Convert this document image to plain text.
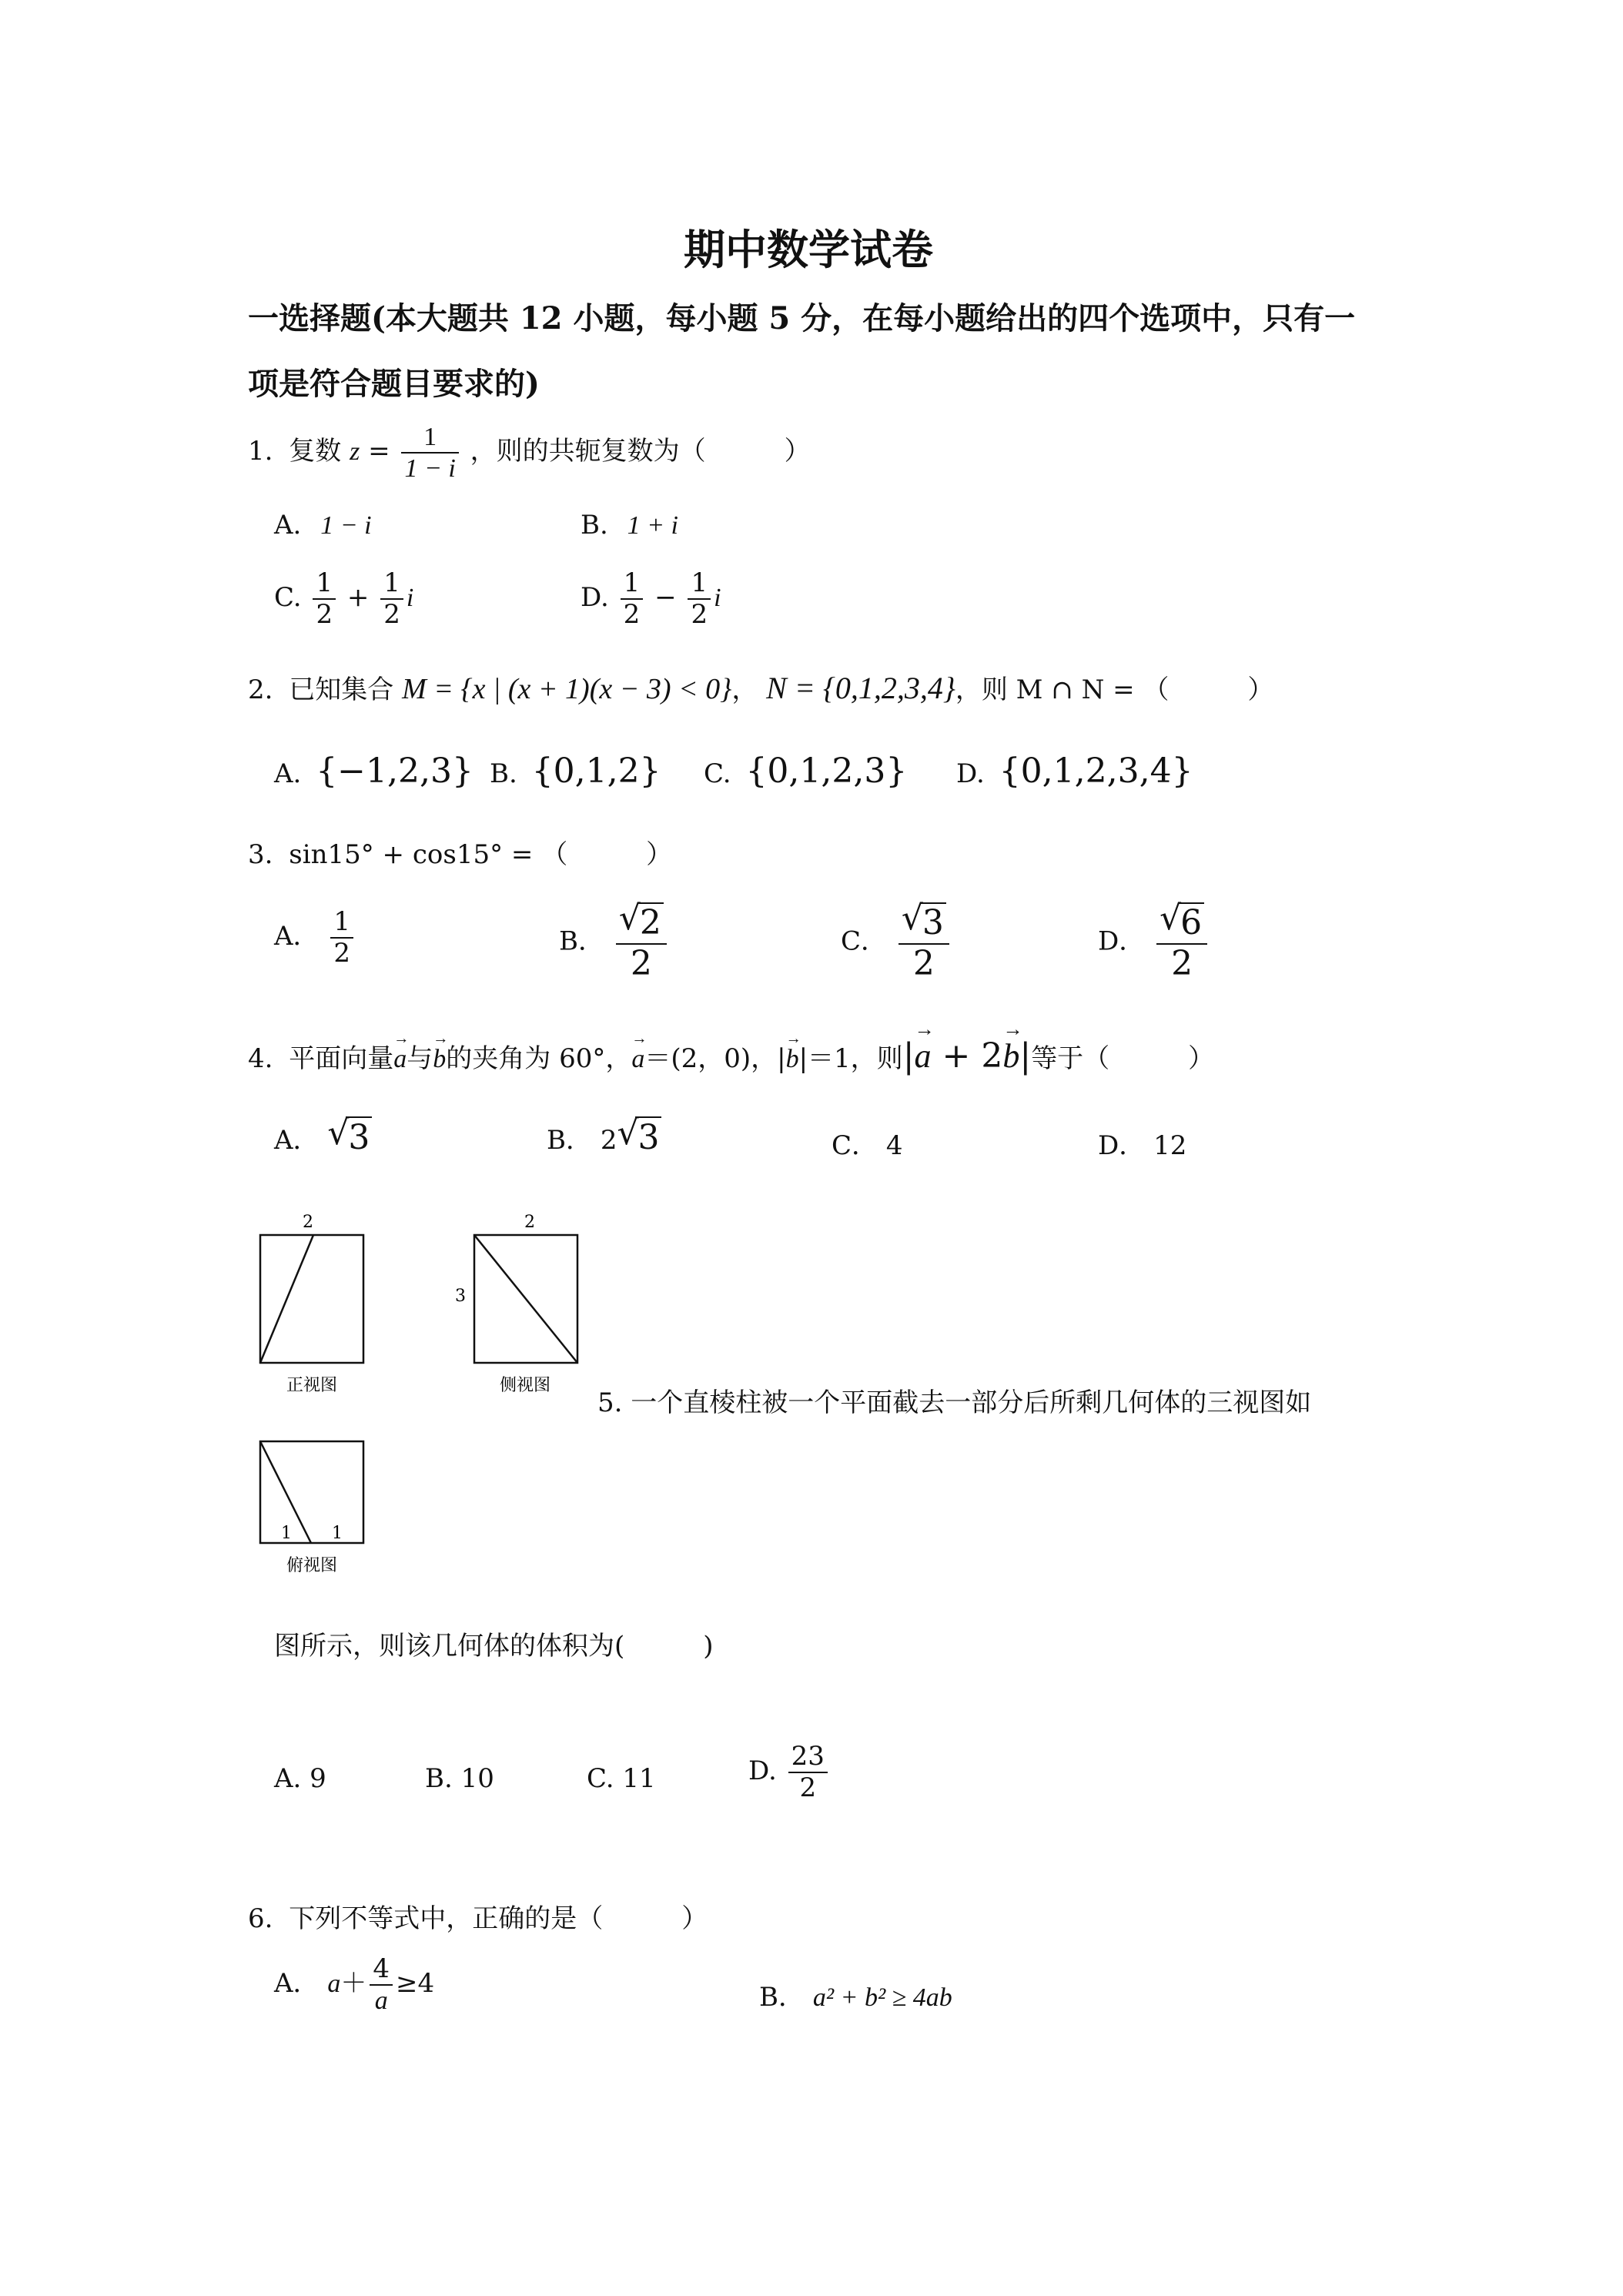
期中数学试卷
一选择题(本大题共 12 小题，每小题 5 分，在每小题给出的四个选项中，只有一
项是符合题目要求的)
1. 复数 $z = \frac{1}{1 - i}$ ，则的共轭复数为（　　　）
A. 1 − i	B. 1 + i
C. $\frac{1}{2} + \frac{1}{2}$ i	D. $\frac{1}{2} - \frac{1}{2}$ i
2. 已知集合 M = {x | (x + 1)(x − 3) < 0}， N = {0,1,2,3,4}，则 M ∩ N = （　　　）
A. {−1,2,3} B. {0,1,2} C. {0,1,2,3} D. {0,1,2,3,4}
3. sin15° + cos15° = （　　　）
A． $\frac{1}{2}$	B． √ $\frac{2}{2}$	C． √ $\frac{3}{2}$	D． √ $\frac{6}{2}$
4. 平面向量a →与b →的夹角为 60°，a →＝(2，0)，|b →|＝1，则|a → + 2b →|等于（　　　）
A． √ 3	B． 2 √ 3	C． 4	D． 12
2
正视图
2
3
侧视图
1 1
俯视图
5. 一个直棱柱被一个平面截去一部分后所剩几何体的三视图如
图所示，则该几何体的体积为(　　　)
A. 9	B. 10	C. 11	D. $\frac{23}{2}$
6. 下列不等式中，正确的是（　　　）
A． $a+ \frac{4}{a} \ge 4$	B． a² + b² ≥ 4ab
